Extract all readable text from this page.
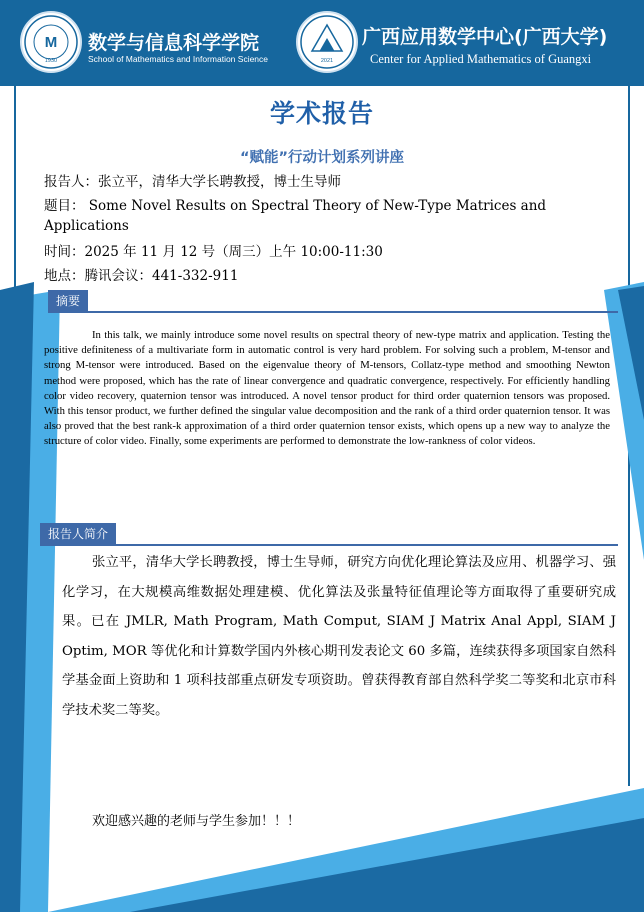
M
1930
数学与信息科学学院
School of Mathematics and Information Science	2021
广西应用数学中心(广西大学)
Center for Applied Mathematics of Guangxi
学术报告
“赋能”行动计划系列讲座
报告人：张立平，清华大学长聘教授，博士生导师
题目： Some Novel Results on Spectral Theory of New-Type Matrices and Applications
时间：2025 年 11 月 12 号（周三）上午 10:00-11:30
地点：腾讯会议：441-332-911
摘要
In this talk, we mainly introduce some novel results on spectral theory of new-type matrix and application. Testing the positive definiteness of a multivariate form in automatic control is very hard problem. For solving such a problem, M-tensor and strong M-tensor were introduced. Based on the eigenvalue theory of M-tensors, Collatz-type method and smoothing Newton method were proposed, which has the rate of linear convergence and quadratic convergence, respectively. For efficiently handling color video recovery, quaternion tensor was introduced. A novel tensor product for third order quaternion tensors was proposed. With this tensor product, we further defined the singular value decomposition and the rank of a third order quaternion tensor. It was also proved that the best rank-k approximation of a third order quaternion tensor exists, which opens up a new way to analyze the structure of color video. Finally, some experiments are performed to demonstrate the low-rankness of color videos.
报告人简介
张立平，清华大学长聘教授，博士生导师，研究方向优化理论算法及应用、机器学习、强化学习，在大规模高维数据处理建模、优化算法及张量特征值理论等方面取得了重要研究成果。已在 JMLR, Math Program, Math Comput, SIAM J Matrix Anal Appl, SIAM J Optim, MOR 等优化和计算数学国内外核心期刊发表论文 60 多篇，连续获得多项国家自然科学基金面上资助和 1 项科技部重点研发专项资助。曾获得教育部自然科学奖二等奖和北京市科学技术奖二等奖。
欢迎感兴趣的老师与学生参加！！！
